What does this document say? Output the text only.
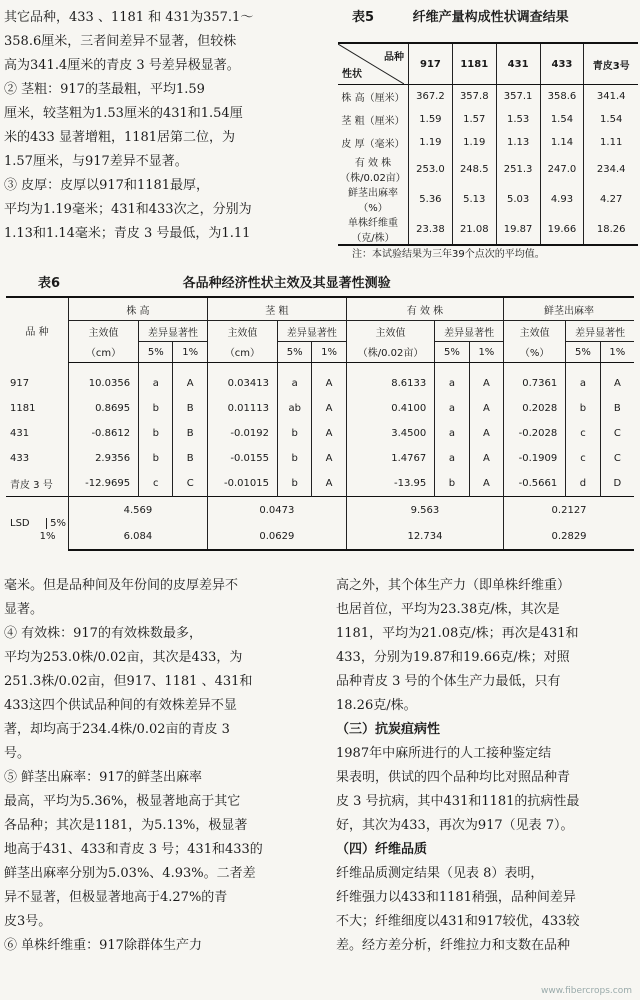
其它品种，433 、1181 和 431为357.1～

358.6厘米，三者间差异不显著，但较株

高为341.4厘米的青皮 3 号差异极显著。

② 茎粗：917的茎最粗，平均1.59

厘米，较茎粗为1.53厘米的431和1.54厘

米的433 显著增粗，1181居第二位，为

1.57厘米，与917差异不显著。

③ 皮厚：皮厚以917和1181最厚，

平均为1.19毫米；431和433次之，分别为

1.13和1.14毫米；青皮 3 号最低，为1.11

表5	纤维产量构成性状调查结果
品种
性状	917	1181	431	433	青皮3号
株 高（厘米）	367.2	357.8	357.1	358.6	341.4
茎 粗（厘米）	1.59	1.57	1.53	1.54	1.54
皮 厚（毫米）	1.19	1.19	1.13	1.14	1.11
有 效 株（株/0.02亩）	253.0	248.5	251.3	247.0	234.4
鲜茎出麻率（%）	5.36	5.13	5.03	4.93	4.27
单株纤维重（克/株）	23.38	21.08	19.87	19.66	18.26
注：本试验结果为三年39个点次的平均值。
表6	各品种经济性状主效及其显著性测验
品 种	株 高			茎 粗			有 效 株			鲜茎出麻率		
	主效值	差异显著性		主效值	差异显著性		主效值	差异显著性		主效值	差异显著性	
	（cm）	5%	1%	（cm）	5%	1%	（株/0.02亩）	5%	1%	（%）	5%	1%
917	10.0356	a	A	0.03413	a	A	8.6133	a	A	0.7361	a	A
1181	0.8695	b	B	0.01113	ab	A	0.4100	a	A	0.2028	b	B
431	-0.8612	b	B	-0.0192	b	A	3.4500	a	A	-0.2028	c	C
433	2.9356	b	B	-0.0155	b	A	1.4767	a	A	-0.1909	c	C
青皮 3 号	-12.9695	c	C	-0.01015	b	A	-13.95	b	A	-0.5661	d	D
LSD 5%	4.569			0.0473			9.563			0.2127		

	1% 6.084			0.0629			12.734			0.2829		

毫米。但是品种间及年份间的皮厚差异不

显著。

④ 有效株：917的有效株数最多，

平均为253.0株/0.02亩，其次是433，为

251.3株/0.02亩，但917、1181 、431和

433这四个供试品种间的有效株差异不显

著，却均高于234.4株/0.02亩的青皮 3

号。

⑤ 鲜茎出麻率：917的鲜茎出麻率

最高，平均为5.36%，极显著地高于其它

各品种；其次是1181，为5.13%，极显著

地高于431、433和青皮 3 号；431和433的

鲜茎出麻率分别为5.03%、4.93%。二者差

异不显著，但极显著地高于4.27%的青

皮3号。

⑥ 单株纤维重：917除群体生产力

高之外，其个体生产力（即单株纤维重）

也居首位，平均为23.38克/株，其次是

1181，平均为21.08克/株；再次是431和

433，分别为19.87和19.66克/株；对照

品种青皮 3 号的个体生产力最低，只有

18.26克/株。

（三）抗炭疽病性

1987年中麻所进行的人工接种鉴定结

果表明，供试的四个品种均比对照品种青

皮 3 号抗病，其中431和1181的抗病性最

好，其次为433，再次为917（见表 7）。

（四）纤维品质

纤维品质测定结果（见表 8）表明，

纤维强力以433和1181稍强，品种间差异

不大；纤维细度以431和917较优，433较

差。经方差分析，纤维拉力和支数在品种

www.fibercrops.com
